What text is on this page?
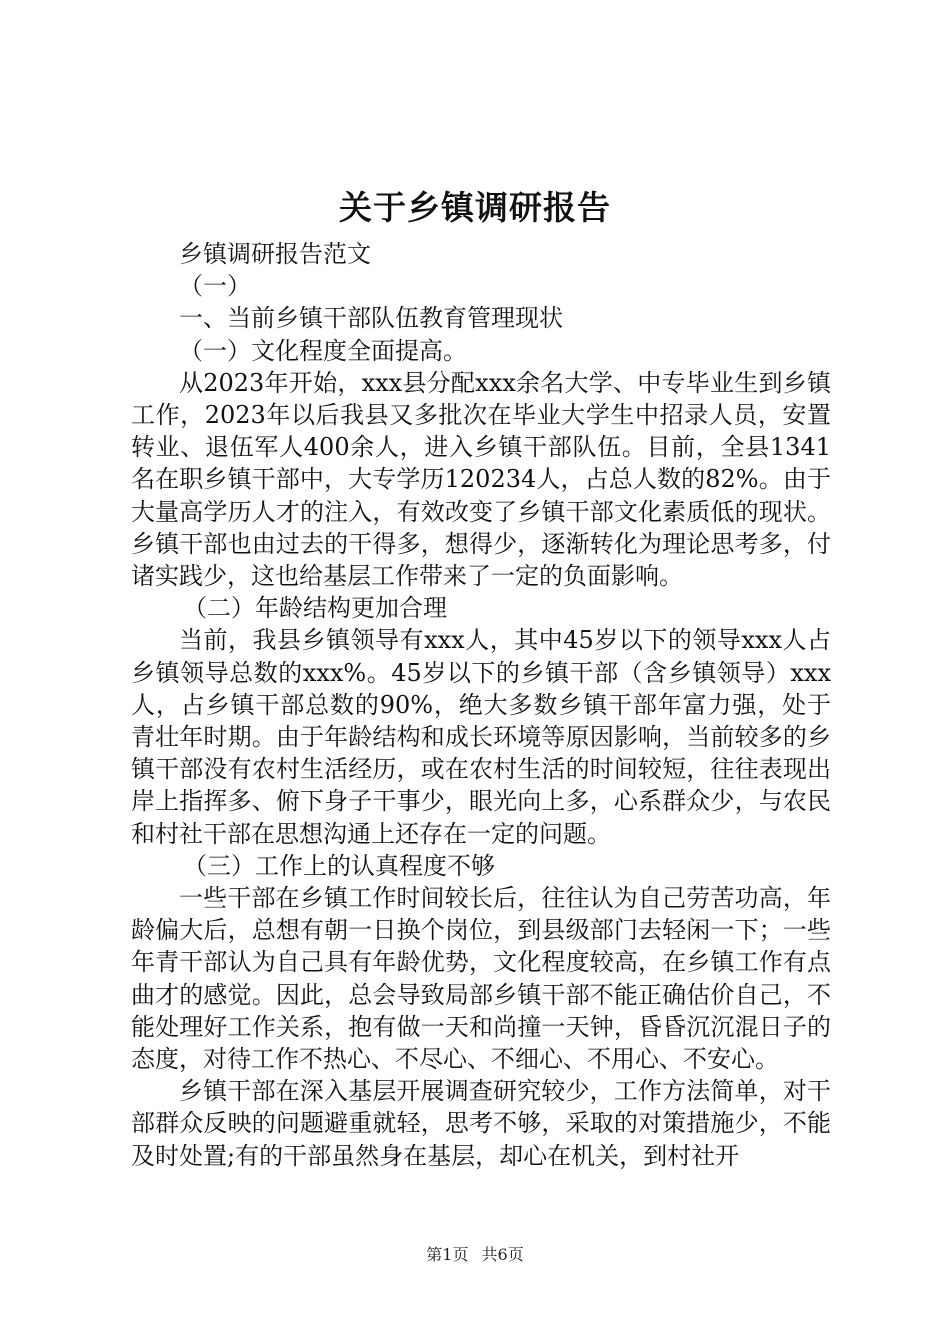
关于乡镇调研报告

乡镇调研报告范文

（一）

一、当前乡镇干部队伍教育管理现状

（一）文化程度全面提高。

从2023年开始，xxx县分配xxx余名大学、中专毕业生到乡镇工作，2023年以后我县又多批次在毕业大学生中招录人员，安置转业、退伍军人400余人，进入乡镇干部队伍。目前，全县1341名在职乡镇干部中，大专学历120234人，占总人数的82%。由于大量高学历人才的注入，有效改变了乡镇干部文化素质低的现状。乡镇干部也由过去的干得多，想得少，逐渐转化为理论思考多，付诸实践少，这也给基层工作带来了一定的负面影响。

（二）年龄结构更加合理

当前，我县乡镇领导有xxx人，其中45岁以下的领导xxx人占乡镇领导总数的xxx%。45岁以下的乡镇干部（含乡镇领导）xxx人，占乡镇干部总数的90%，绝大多数乡镇干部年富力强，处于青壮年时期。由于年龄结构和成长环境等原因影响，当前较多的乡镇干部没有农村生活经历，或在农村生活的时间较短，往往表现出岸上指挥多、俯下身子干事少，眼光向上多，心系群众少，与农民和村社干部在思想沟通上还存在一定的问题。

（三）工作上的认真程度不够

一些干部在乡镇工作时间较长后，往往认为自己劳苦功高，年龄偏大后，总想有朝一日换个岗位，到县级部门去轻闲一下；一些年青干部认为自己具有年龄优势，文化程度较高，在乡镇工作有点曲才的感觉。因此，总会导致局部乡镇干部不能正确估价自己，不能处理好工作关系，抱有做一天和尚撞一天钟，昏昏沉沉混日子的态度，对待工作不热心、不尽心、不细心、不用心、不安心。

乡镇干部在深入基层开展调查研究较少，工作方法简单，对干部群众反映的问题避重就轻，思考不够，采取的对策措施少，不能及时处置;有的干部虽然身在基层，却心在机关，到村社开

第1页 共6页
